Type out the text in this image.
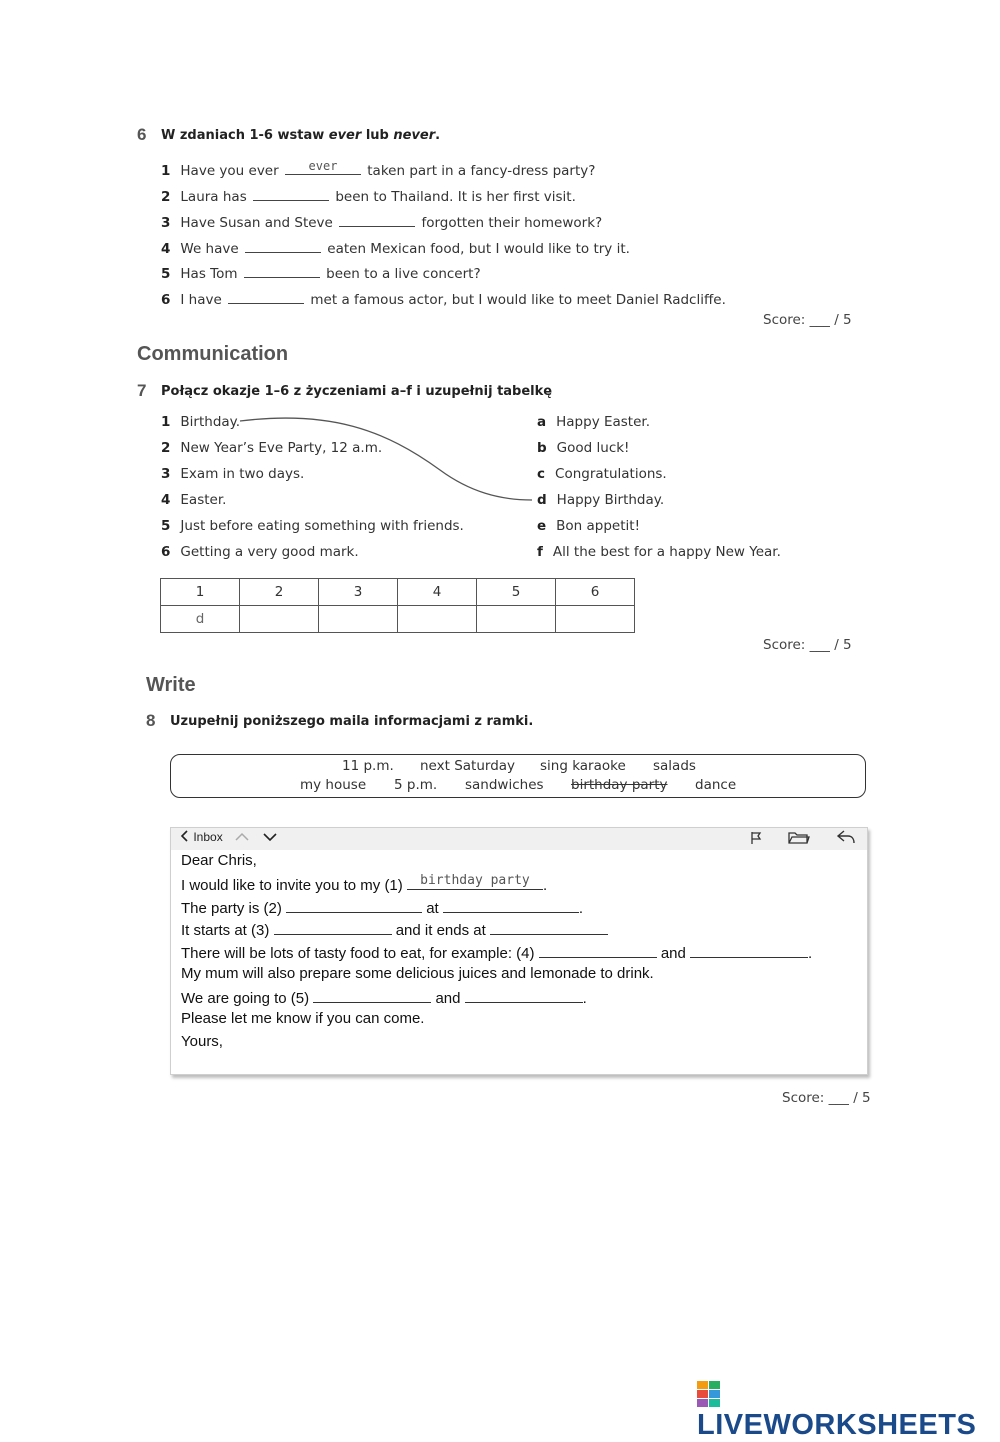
6 W zdaniach 1-6 wstaw ever lub never.
1 Have you ever	ever	taken part in a fancy-dress party?
2 Laura has	been to Thailand. It is her first visit.
3 Have Susan and Steve	forgotten their homework?
4 We have	eaten Mexican food, but I would like to try it.
5 Has Tom	been to a live concert?
6 I have	met a famous actor, but I would like to meet Daniel Radcliffe.
Score: ___ / 5
Communication
7 Połącz okazje 1–6 z życzeniami a–f i uzupełnij tabelkę
1 Birthday.
2 New Year’s Eve Party, 12 a.m.
3 Exam in two days.
4 Easter.
5 Just before eating something with friends.
6 Getting a very good mark.
a Happy Easter.
b Good luck!
c Congratulations.
d Happy Birthday.
e Bon appetit!
f All the best for a happy New Year.
1	2	3	4	5	6
d					
Score: ___ / 5
Write
8 Uzupełnij poniższego maila informacjami z ramki.
11 p.m. next Saturday sing karaoke salads
my house 5 p.m. sandwiches birthday party dance
Inbox
Dear Chris,
I would like to invite you to my (1)	birthday party .
The party is (2)	at	.
It starts at (3)	and it ends at
There will be lots of tasty food to eat, for example: (4)	and	.
My mum will also prepare some delicious juices and lemonade to drink.
We are going to (5)	and	.
Please let me know if you can come.
Yours,
Score: ___ / 5
LIVEWORKSHEETS
